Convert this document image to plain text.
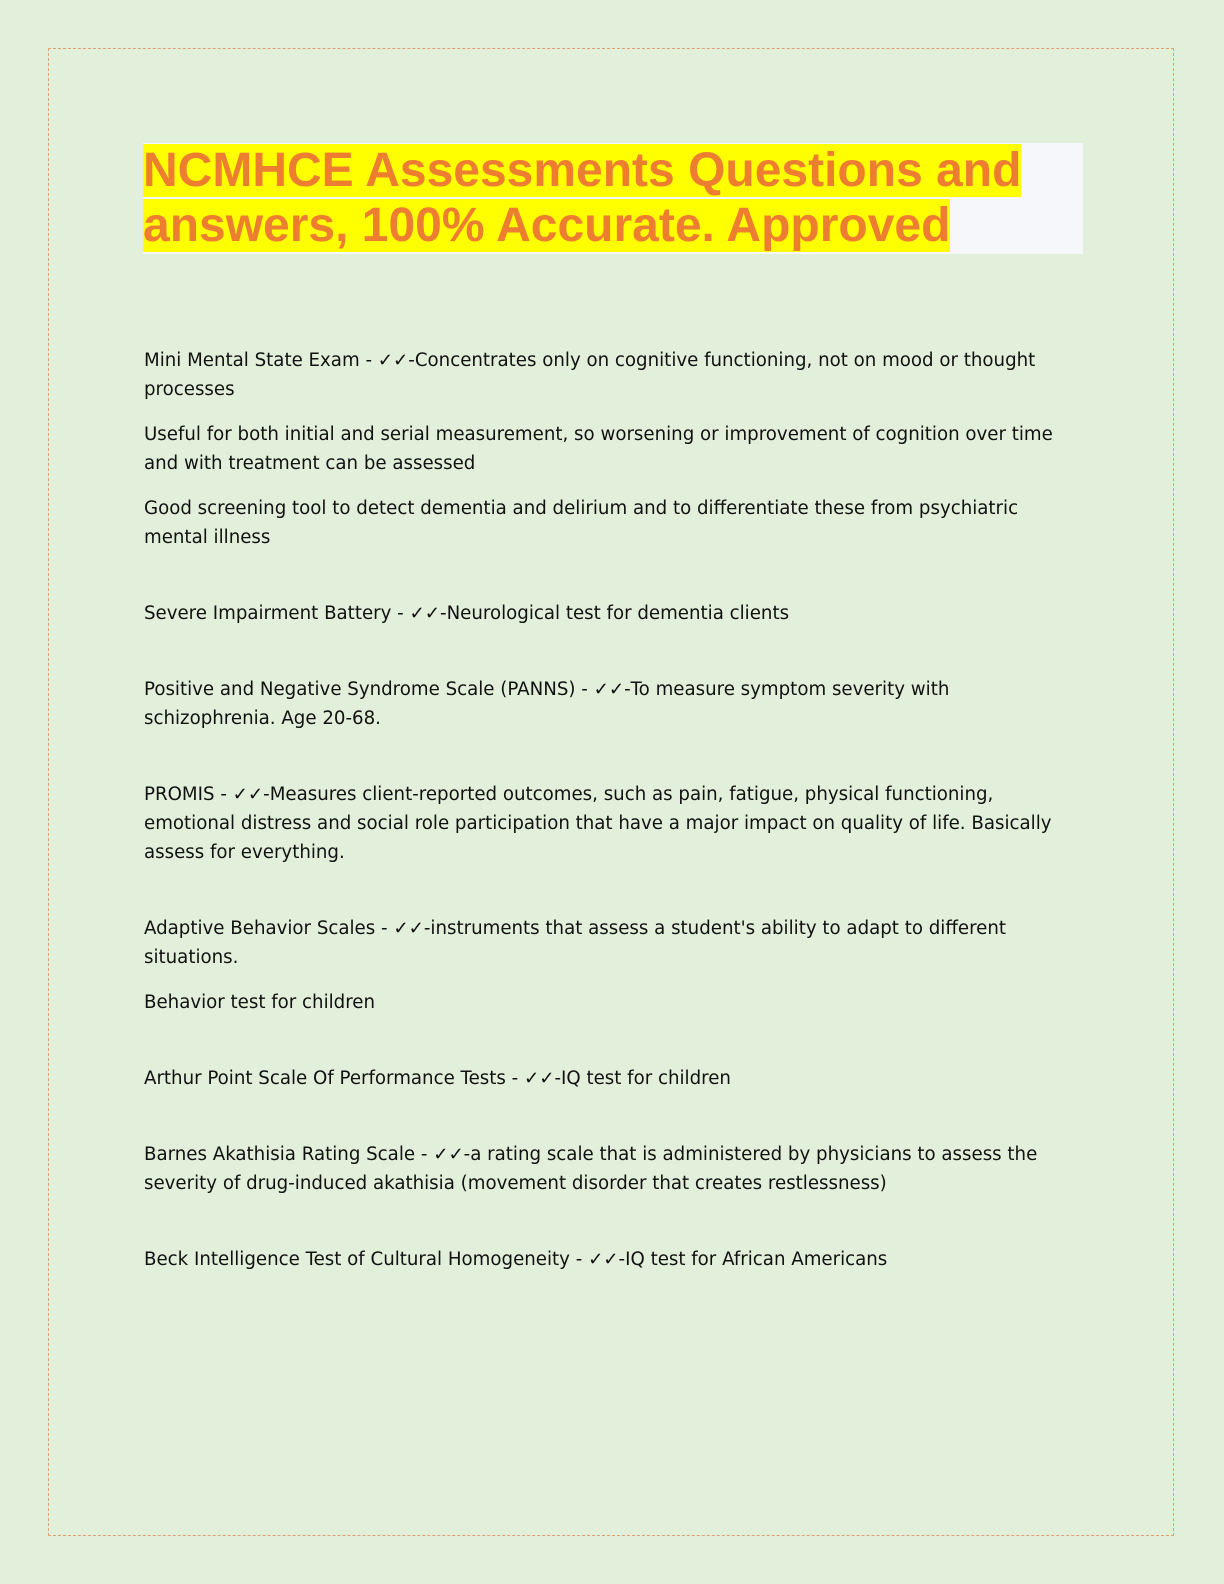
NCMHCE Assessments Questions and
answers, 100% Accurate. Approved

Mini Mental State Exam - ✓✓-Concentrates only on cognitive functioning, not on mood or thought processes

Useful for both initial and serial measurement, so worsening or improvement of cognition over time and with treatment can be assessed

Good screening tool to detect dementia and delirium and to differentiate these from psychiatric mental illness

Severe Impairment Battery - ✓✓-Neurological test for dementia clients

Positive and Negative Syndrome Scale (PANNS) - ✓✓-To measure symptom severity with schizophrenia. Age 20-68.

PROMIS - ✓✓-Measures client-reported outcomes, such as pain, fatigue, physical functioning, emotional distress and social role participation that have a major impact on quality of life. Basically assess for everything.

Adaptive Behavior Scales - ✓✓-instruments that assess a student's ability to adapt to different situations.

Behavior test for children

Arthur Point Scale Of Performance Tests - ✓✓-IQ test for children

Barnes Akathisia Rating Scale - ✓✓-a rating scale that is administered by physicians to assess the severity of drug-induced akathisia (movement disorder that creates restlessness)

Beck Intelligence Test of Cultural Homogeneity - ✓✓-IQ test for African Americans
